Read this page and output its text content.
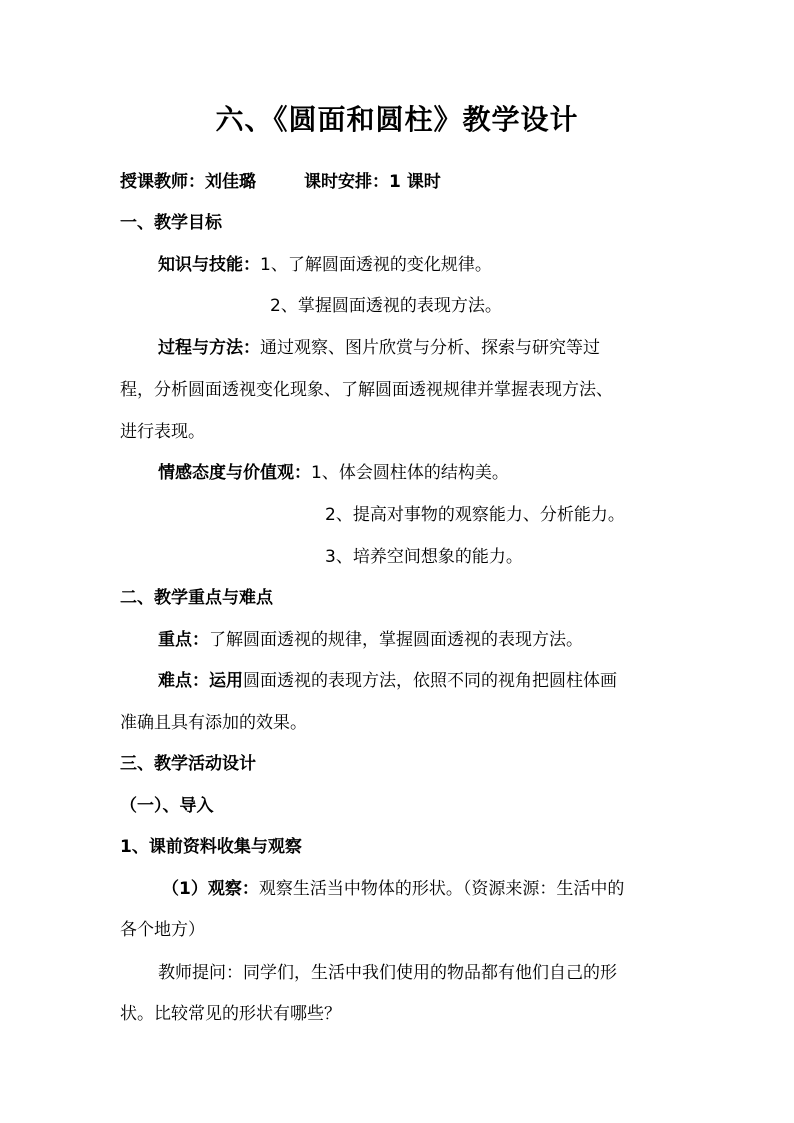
六、《圆面和圆柱》教学设计
授课教师：刘佳璐	课时安排：1 课时
一、教学目标
知识与技能：1、了解圆面透视的变化规律。
2、掌握圆面透视的表现方法。
过程与方法：通过观察、图片欣赏与分析、探索与研究等过
程，分析圆面透视变化现象、了解圆面透视规律并掌握表现方法、
进行表现。
情感态度与价值观：1、体会圆柱体的结构美。
2、提高对事物的观察能力、分析能力。
3、培养空间想象的能力。
二、教学重点与难点
重点：了解圆面透视的规律，掌握圆面透视的表现方法。
难点：运用圆面透视的表现方法，依照不同的视角把圆柱体画
准确且具有添加的效果。
三、教学活动设计
（一）、导入
1、课前资料收集与观察
（1）观察：观察生活当中物体的形状。（资源来源：生活中的
各个地方）
教师提问：同学们，生活中我们使用的物品都有他们自己的形
状。比较常见的形状有哪些？
